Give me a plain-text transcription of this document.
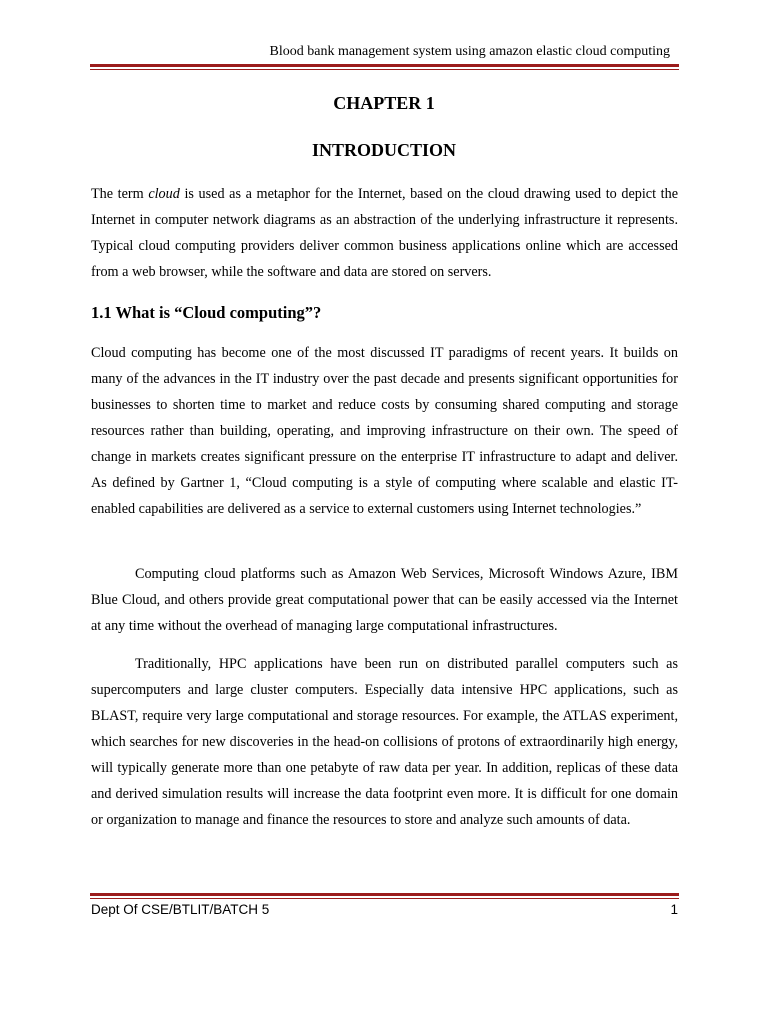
Blood bank management system using amazon elastic cloud computing
CHAPTER 1
INTRODUCTION

The term cloud is used as a metaphor for the Internet, based on the cloud drawing used to depict the Internet in computer network diagrams as an abstraction of the underlying infrastructure it represents. Typical cloud computing providers deliver common business applications online which are accessed from a web browser, while the software and data are stored on servers.

1.1 What is “Cloud computing”?

Cloud computing has become one of the most discussed IT paradigms of recent years. It builds on many of the advances in the IT industry over the past decade and presents significant opportunities for businesses to shorten time to market and reduce costs by consuming shared computing and storage resources rather than building, operating, and improving infrastructure on their own. The speed of change in markets creates significant pressure on the enterprise IT infrastructure to adapt and deliver. As defined by Gartner 1, “Cloud computing is a style of computing where scalable and elastic IT-enabled capabilities are delivered as a service to external customers using Internet technologies.”

Computing cloud platforms such as Amazon Web Services, Microsoft Windows Azure, IBM Blue Cloud, and others provide great computational power that can be easily accessed via the Internet at any time without the overhead of managing large computational infrastructures.

Traditionally, HPC applications have been run on distributed parallel computers such as supercomputers and large cluster computers. Especially data intensive HPC applications, such as BLAST, require very large computational and storage resources. For example, the ATLAS experiment, which searches for new discoveries in the head-on collisions of protons of extraordinarily high energy, will typically generate more than one petabyte of raw data per year. In addition, replicas of these data and derived simulation results will increase the data footprint even more. It is difficult for one domain or organization to manage and finance the resources to store and analyze such amounts of data.

Dept Of CSE/BTLIT/BATCH 5	1
